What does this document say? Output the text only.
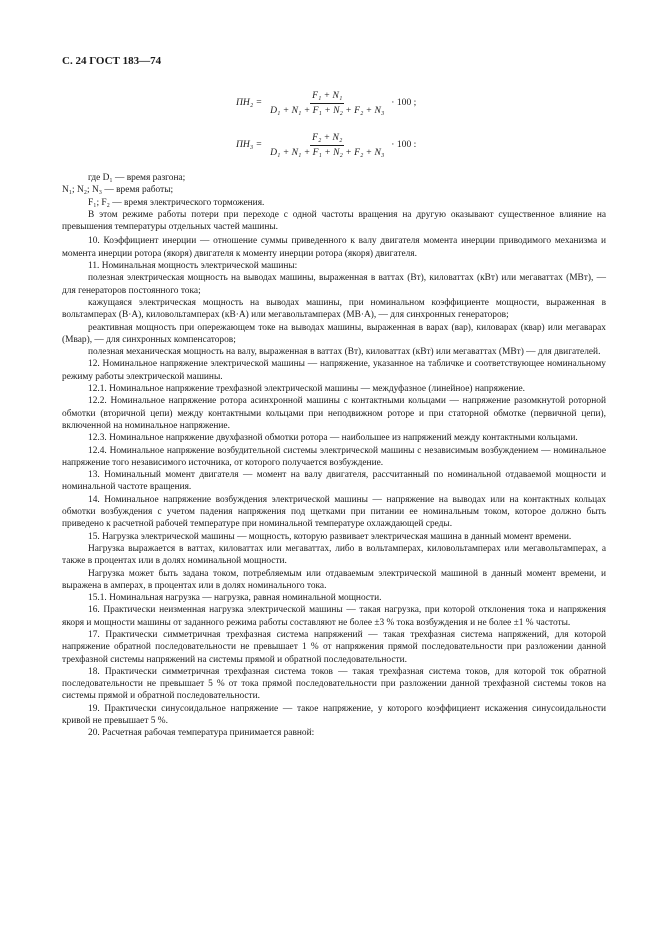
С. 24 ГОСТ 183—74
$ПН_2 = \frac{\text{F₁ + N₁}}{\text{D₁ + N₁ + F₁ + N₂ + F₂ + N₃}} \cdot 100$ ;
$ПН_3 = \frac{\text{F₂ + N₂}}{\text{D₁ + N₁ + F₁ + N₂ + F₂ + N₃}} \cdot 100$ :
где D₁ — время разгона;
N₁; N₂; N₃ — время работы;
F₁; F₂ — время электрического торможения.

В этом режиме работы потери при переходе с одной частоты вращения на другую оказывают существенное влияние на превышения температуры отдельных частей машины.

10. Коэффициент инерции — отношение суммы приведенного к валу двигателя момента инерции приводимого механизма и момента инерции ротора (якоря) двигателя к моменту инерции ротора (якоря) двигателя.

11. Номинальная мощность электрической машины:

полезная электрическая мощность на выводах машины, выраженная в ваттах (Вт), киловаттах (кВт) или мегаваттах (МВт), — для генераторов постоянного тока;

кажущаяся электрическая мощность на выводах машины, при номинальном коэффициенте мощности, выраженная в вольтамперах (В·А), киловольтамперах (кВ·А) или мегавольтамперах (МВ·А), — для синхронных генераторов;

реактивная мощность при опережающем токе на выводах машины, выраженная в варах (вар), киловарах (квар) или мегаварах (Мвар), — для синхронных компенсаторов;

полезная механическая мощность на валу, выраженная в ваттах (Вт), киловаттах (кВт) или мегаваттах (МВт) — для двигателей.

12. Номинальное напряжение электрической машины — напряжение, указанное на табличке и соответствующее номинальному режиму работы электрической машины.

12.1. Номинальное напряжение трехфазной электрической машины — междуфазное (линейное) напряжение.

12.2. Номинальное напряжение ротора асинхронной машины с контактными кольцами — напряжение разомкнутой роторной обмотки (вторичной цепи) между контактными кольцами при неподвижном роторе и при статорной обмотке (первичной цепи), включенной на номинальное напряжение.

12.3. Номинальное напряжение двухфазной обмотки ротора — наибольшее из напряжений между контактными кольцами.

12.4. Номинальное напряжение возбудительной системы электрической машины с независимым возбуждением — номинальное напряжение того независимого источника, от которого получается возбуждение.

13. Номинальный момент двигателя — момент на валу двигателя, рассчитанный по номинальной отдаваемой мощности и номинальной частоте вращения.

14. Номинальное напряжение возбуждения электрической машины — напряжение на выводах или на контактных кольцах обмотки возбуждения с учетом падения напряжения под щетками при питании ее номинальным током, которое должно быть приведено к расчетной рабочей температуре при номинальной температуре охлаждающей среды.

15. Нагрузка электрической машины — мощность, которую развивает электрическая машина в данный момент времени.

Нагрузка выражается в ваттах, киловаттах или мегаваттах, либо в вольтамперах, киловольтамперах или мегавольтамперах, а также в процентах или в долях номинальной мощности.

Нагрузка может быть задана током, потребляемым или отдаваемым электрической машиной в данный момент времени, и выражена в амперах, в процентах или в долях номинального тока.

15.1. Номинальная нагрузка — нагрузка, равная номинальной мощности.

16. Практически неизменная нагрузка электрической машины — такая нагрузка, при которой отклонения тока и напряжения якоря и мощности машины от заданного режима работы составляют не более ±3 % тока возбуждения и не более ±1 % частоты.

17. Практически симметричная трехфазная система напряжений — такая трехфазная система напряжений, для которой напряжение обратной последовательности не превышает 1 % от напряжения прямой последовательности при разложении данной трехфазной системы напряжений на системы прямой и обратной последовательности.

18. Практически симметричная трехфазная система токов — такая трехфазная система токов, для которой ток обратной последовательности не превышает 5 % от тока прямой последовательности при разложении данной трехфазной системы токов на системы прямой и обратной последовательности.

19. Практически синусоидальное напряжение — такое напряжение, у которого коэффициент искажения синусоидальности кривой не превышает 5 %.

20. Расчетная рабочая температура принимается равной:
